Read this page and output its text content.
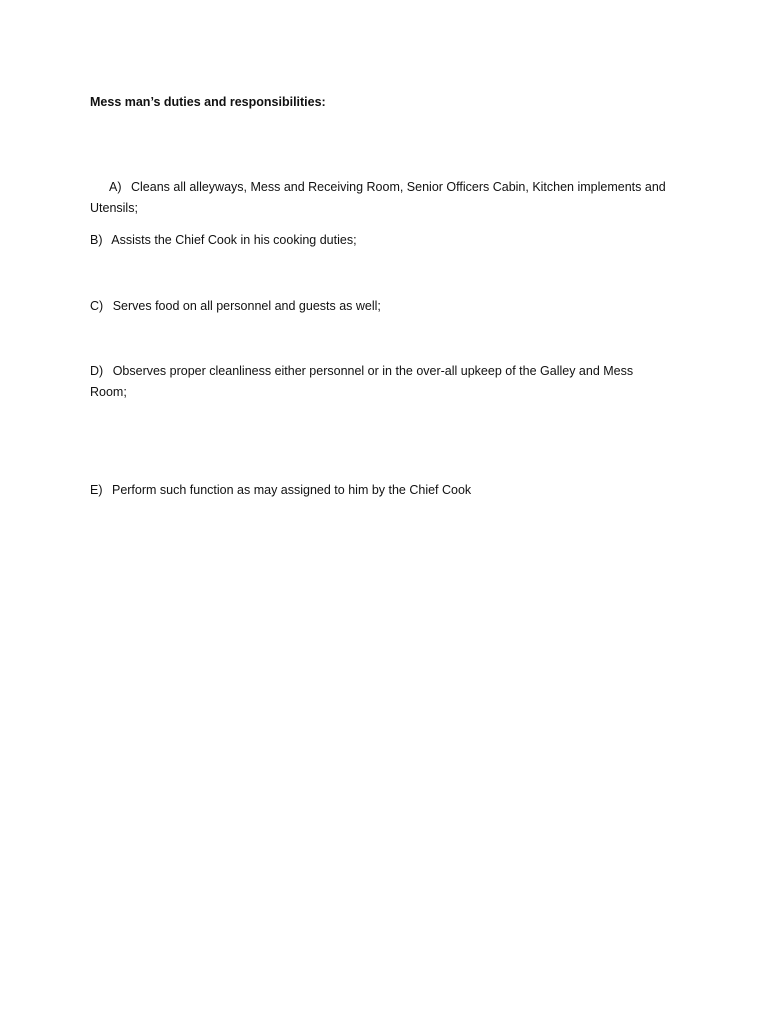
Mess man’s duties and responsibilities:
A) Cleans all alleyways, Mess and Receiving Room, Senior Officers Cabin, Kitchen implements and Utensils;
B) Assists the Chief Cook in his cooking duties;
C) Serves food on all personnel and guests as well;
D) Observes proper cleanliness either personnel or in the over-all upkeep of the Galley and Mess Room;
E) Perform such function as may assigned to him by the Chief Cook
